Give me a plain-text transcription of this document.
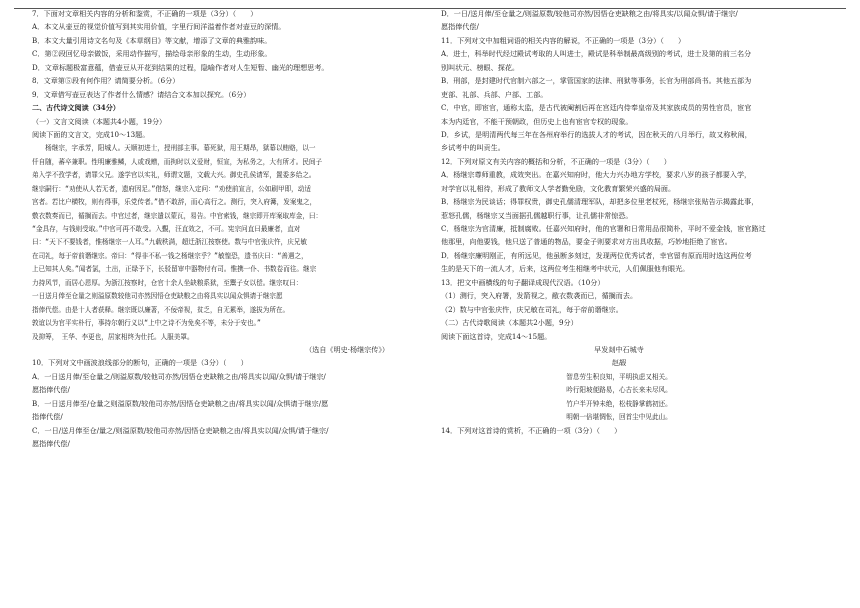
7．下面对文章相关内容的分析和鉴赏，不正确的一项是（3分）（　　）
A．本文从壶豆的视觉价值写到其实用价值，字里行间洋溢着作者对壶豆的深情。
B．本文大量引用诗文名句及《本草纲目》等文献，增添了文章的典雅韵味。
C．第②段回忆母亲做饭，采用动作描写，描绘母亲形象的生动，生动形象。
D．文章标题极富意蕴，借壶豆从开花到结果的过程，隐喻作者对人生短暂、幽光的理想思考。
8．文章第⑤段有何作用？请简要分析。（6分）
9．文章借写壶豆表达了作者什么情感？请结合文本加以探究。（6分）
二、古代诗文阅读（34分）
（一）文言文阅读（本题共4小题，19分）
阅读下面的文言文，完成10～13题。
　　杨继宗，字承芳，阳城人。天顺初进士，授刑部主事。幕死狱，用王期昂，獄幕以贿赂，以一
仟自随，蕃卒兼职。性明廉雅鳞，人或戏赠，而拘时以义爱财，恒宣，为私务之，大有所才。民间子
弟入学不孜学者，请罪父兄。遂学官以实礼，师谓文题，文载大兴。御史孔侯请军，置委多给之。
继宗嗣行：“劝使从人若无者，遗府因足。”借怒，继宗入定问：“劝使前宣言，公如刷甲即，动适
宫者。若比户横牧，则有得事，乐党传者。”借不敢辞，而心高行之。测行，突入府篝，发案鬼之，
敷衣数奏而已，循搁而去。中官过者，继宗遣以蒙瓦，易告。中官索钱，继宗即开库案取库金，曰：
“金具存，与钱则受取。”中官可再不敢受。入覲，汪直效之，不可。宪宗问直曰最廉者，直对
曰：“天下不要钱者，惟杨继宗一人耳。”九载秩满，超迁浙江按察使。数与中官张庆忤，庆兄敏
在司礼，每于帝前谮继宗。帝曰：“得非不私一钱之杨继宗乎？”敏惶恐，遗书庆曰：“善遇之，
上已知其人矣。”闻者氯，土出，正绿予下，长驳留审中器物付有司。惟携一仆、书数卷而往。继宗
力持风节，而居心恩厚。为浙江按察时，仓官十余人坐缺粮系狱，至鬻子女以偿。继宗叹曰：
一日送月俸至仓量之则溢原数较他司亦然因悟仓吏缺粮之由将具实以闻众惧请于继宗愿
指俸代偿。由是十人者获释。继宗既以廉著，不佞帝视，贫乏，自无累举，遂拔为所在。
敦谊以为官平实朴行，事持尔朝行义以“上中之诗不为免矣不等，未分于安也。”
及抑筹，　王华、李更也，居家相终为仕托。人服美罩。
（选自《明史·杨继宗传》）
10．下列对文中画波浪线部分的断句，正确的一项是（3分）（　　）
A．一日送月俸/至仓量之/则溢原数/较他司亦然/因悟仓吏缺粮之由/将具实以闻/众惧/请于继宗/
愿指俸代偿/
B．一日送月俸至/仓量之则溢原数/较他司亦然/因悟仓吏缺粮之由/将具实以闻/众惧请于继宗/愿
指俸代偿/
C．一日/送月俸至仓/量之/则溢原数/较他司亦然/因悟仓吏缺粮之由/将具实以闻/众惧/请于继宗/
愿指俸代偿/
D．一日/送月俸/至仓量之/则溢原数/较他司亦然/因悟仓吏缺粮之由/将具实/以闻众惧/请于继宗/
愿指俸代偿/
11．下列对文中加粗词语的相关内容的解说，不正确的一项是（3分）（　　）
A．进士，科举时代经过殿试考取的人叫进士，殿试是科举制最高级别的考试，进士及第的前三名分
别叫状元、榜眼、探花。
B．刑部，是封建时代官制六部之一，掌管国家的法律、刑狱等事务，长官为刑部尚书。其他五部为
吏部、礼部、兵部、户部、工部。
C．中官，即宦官，通称太监，是古代被阉割后再在宫廷内侍奉皇帝及其家族成员的男性官员，宦官
本为内廷官，不能干预朝政，但历史上也有宦官专权的现象。
D．乡试，是明清两代每三年在各州府举行的选拔人才的考试，因在秋天的八月举行，故又称秋闱，
乡试考中的叫贡生。
12．下列对原文有关内容的概括和分析，不正确的一项是（3分）（　　）
A．杨继宗尊师重教，成效突出。在嘉兴知府时，他大力兴办地方学校，要求八岁的孩子都要入学，
对学官以礼相待，形成了教师文人学者勤免励，文化教育繁荣兴盛的局面。
B．杨继宗为民谈话；得罪权贵，御史孔儒清理军队，却把多位里老杖死，杨继宗张贴告示揭露此事，
惹怒孔儒，杨继宗又当面据孔儒越职行事，让孔儒非常惊恐。
C．杨继宗为官清廉，抵制腐败。任嘉兴知府时，他的官署和日常用品很简朴，平时不爱金钱，宦官路过
他那里，向他要钱，他只送了普通的物品，要金子则要求对方出具收据，巧妙地拒绝了宦官。
D．杨继宗廉明刚正，有所远见，他虽断多刻过，发现两位优秀试者，幸官留有原而用时选这两位考
生的是天下的一流人才，后来，这两位考生相继考中状元，人们佩服他有眼光。
13．把文中画横线的句子翻译成现代汉语。（10分）
（1）测行，突入府署，发箭视之，敝衣数袭而已，循搁而去。
（2）数与中官张庆忤，庆兄敏在司礼，每于帝前谮继宗。
（二）古代诗歌阅读（本题共2小题，9分）
阅读下面这首诗，完成14～15题。
早发剡中石城寺
赵嘏
智息劳生积良知，平明执虑又相关。
吟行阳坡便路易，心古长来未尽风。
竹户半开钟未绝，松枝静掌鹤初还。
明朝一倍堪惆怅，回首尘中见此山。
14．下列对这首诗的赏析，不正确的一项（3分）（　　）
